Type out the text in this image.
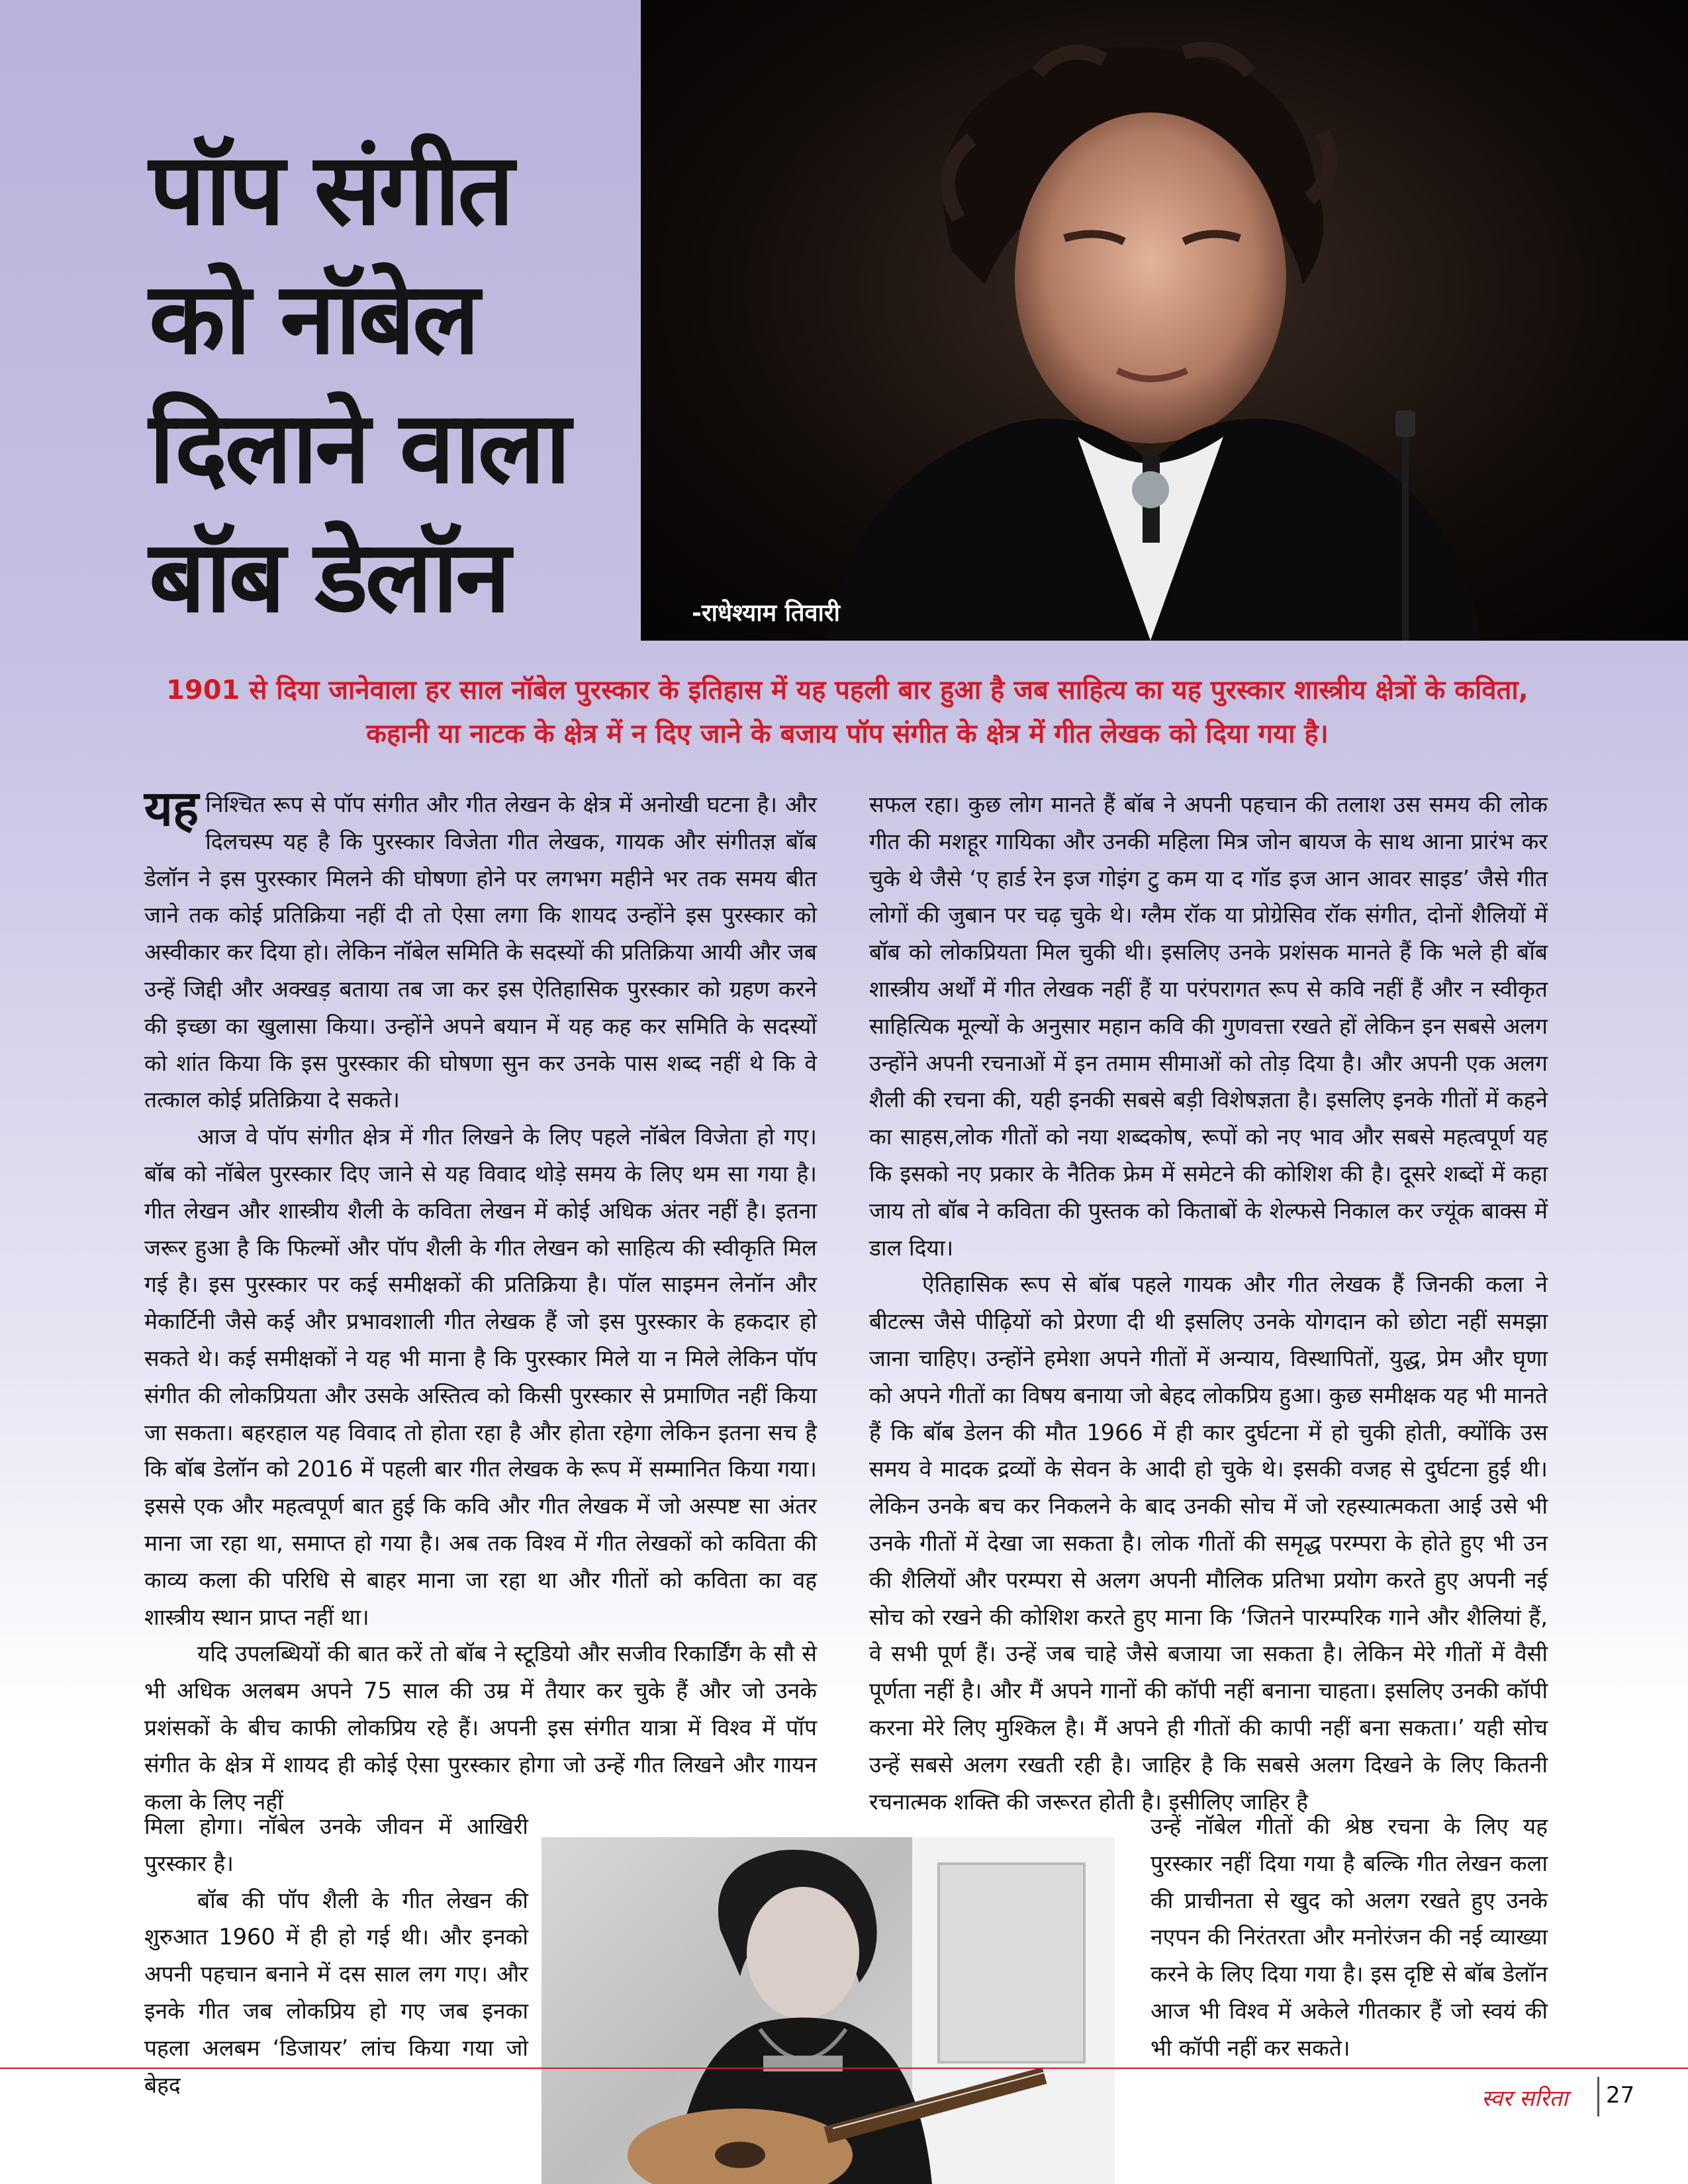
पॉप संगीत
को नॉबेल
दिलाने वाला
बॉब डेलॉन	-राधेश्याम तिवारी

1901 से दिया जानेवाला हर साल नॉबेल पुरस्कार के इतिहास में यह पहली बार हुआ है जब साहित्य का यह पुरस्कार शास्त्रीय क्षेत्रों के कविता, कहानी या नाटक के क्षेत्र में न दिए जाने के बजाय पॉप संगीत के क्षेत्र में गीत लेखक को दिया गया है।

यह निश्चित रूप से पॉप संगीत और गीत लेखन के क्षेत्र में अनोखी घटना है। और दिलचस्प यह है कि पुरस्कार विजेता गीत लेखक, गायक और संगीतज्ञ बॉब डेलॉन ने इस पुरस्कार मिलने की घोषणा होने पर लगभग महीने भर तक समय बीत जाने तक कोई प्रतिक्रिया नहीं दी तो ऐसा लगा कि शायद उन्होंने इस पुरस्कार को अस्वीकार कर दिया हो। लेकिन नॉबेल समिति के सदस्यों की प्रतिक्रिया आयी और जब उन्हें जिद्दी और अक्खड़ बताया तब जा कर इस ऐतिहासिक पुरस्कार को ग्रहण करने की इच्छा का खुलासा किया। उन्होंने अपने बयान में यह कह कर समिति के सदस्यों को शांत किया कि इस पुरस्कार की घोषणा सुन कर उनके पास शब्द नहीं थे कि वे तत्काल कोई प्रतिक्रिया दे सकते।

आज वे पॉप संगीत क्षेत्र में गीत लिखने के लिए पहले नॉबेल विजेता हो गए। बॉब को नॉबेल पुरस्कार दिए जाने से यह विवाद थोड़े समय के लिए थम सा गया है। गीत लेखन और शास्त्रीय शैली के कविता लेखन में कोई अधिक अंतर नहीं है। इतना जरूर हुआ है कि फिल्मों और पॉप शैली के गीत लेखन को साहित्य की स्वीकृति मिल गई है। इस पुरस्कार पर कई समीक्षकों की प्रतिक्रिया है। पॉल साइमन लेनॉन और मेकार्टिनी जैसे कई और प्रभावशाली गीत लेखक हैं जो इस पुरस्कार के हकदार हो सकते थे। कई समीक्षकों ने यह भी माना है कि पुरस्कार मिले या न मिले लेकिन पॉप संगीत की लोकप्रियता और उसके अस्तित्व को किसी पुरस्कार से प्रमाणित नहीं किया जा सकता। बहरहाल यह विवाद तो होता रहा है और होता रहेगा लेकिन इतना सच है कि बॉब डेलॉन को 2016 में पहली बार गीत लेखक के रूप में सम्मानित किया गया। इससे एक और महत्वपूर्ण बात हुई कि कवि और गीत लेखक में जो अस्पष्ट सा अंतर माना जा रहा था, समाप्त हो गया है। अब तक विश्व में गीत लेखकों को कविता की काव्य कला की परिधि से बाहर माना जा रहा था और गीतों को कविता का वह शास्त्रीय स्थान प्राप्त नहीं था।

यदि उपलब्धियों की बात करें तो बॉब ने स्टूडियो और सजीव रिकार्डिंग के सौ से भी अधिक अलबम अपने 75 साल की उम्र में तैयार कर चुके हैं और जो उनके प्रशंसकों के बीच काफी लोकप्रिय रहे हैं। अपनी इस संगीत यात्रा में विश्व में पॉप संगीत के क्षेत्र में शायद ही कोई ऐसा पुरस्कार होगा जो उन्हें गीत लिखने और गायन कला के लिए नहीं

मिला होगा। नॉबेल उनके जीवन में आखिरी पुरस्कार है।

बॉब की पॉप शैली के गीत लेखन की शुरुआत 1960 में ही हो गई थी। और इनको अपनी पहचान बनाने में दस साल लग गए। और इनके गीत जब लोकप्रिय हो गए जब इनका पहला अलबम ‘डिजायर’ लांच किया गया जो बेहद

सफल रहा। कुछ लोग मानते हैं बॉब ने अपनी पहचान की तलाश उस समय की लोक गीत की मशहूर गायिका और उनकी महिला मित्र जोन बायज के साथ आना प्रारंभ कर चुके थे जैसे ‘ए हार्ड रेन इज गोइंग टु कम या द गॉड इज आन आवर साइड’ जैसे गीत लोगों की जुबान पर चढ़ चुके थे। ग्लैम रॉक या प्रोग्रेसिव रॉक संगीत, दोनों शैलियों में बॉब को लोकप्रियता मिल चुकी थी। इसलिए उनके प्रशंसक मानते हैं कि भले ही बॉब शास्त्रीय अर्थों में गीत लेखक नहीं हैं या परंपरागत रूप से कवि नहीं हैं और न स्वीकृत साहित्यिक मूल्यों के अनुसार महान कवि की गुणवत्ता रखते हों लेकिन इन सबसे अलग उन्होंने अपनी रचनाओं में इन तमाम सीमाओं को तोड़ दिया है। और अपनी एक अलग शैली की रचना की, यही इनकी सबसे बड़ी विशेषज्ञता है। इसलिए इनके गीतों में कहने का साहस,लोक गीतों को नया शब्दकोष, रूपों को नए भाव और सबसे महत्वपूर्ण यह कि इसको नए प्रकार के नैतिक फ्रेम में समेटने की कोशिश की है। दूसरे शब्दों में कहा जाय तो बॉब ने कविता की पुस्तक को किताबों के शेल्फसे निकाल कर ज्यूंक बाक्स में डाल दिया।

ऐतिहासिक रूप से बॉब पहले गायक और गीत लेखक हैं जिनकी कला ने बीटल्स जैसे पीढ़ियों को प्रेरणा दी थी इसलिए उनके योगदान को छोटा नहीं समझा जाना चाहिए। उन्होंने हमेशा अपने गीतों में अन्याय, विस्थापितों, युद्ध, प्रेम और घृणा को अपने गीतों का विषय बनाया जो बेहद लोकप्रिय हुआ। कुछ समीक्षक यह भी मानते हैं कि बॉब डेलन की मौत 1966 में ही कार दुर्घटना में हो चुकी होती, क्योंकि उस समय वे मादक द्रव्यों के सेवन के आदी हो चुके थे। इसकी वजह से दुर्घटना हुई थी। लेकिन उनके बच कर निकलने के बाद उनकी सोच में जो रहस्यात्मकता आई उसे भी उनके गीतों में देखा जा सकता है। लोक गीतों की समृद्ध परम्परा के होते हुए भी उन की शैलियों और परम्परा से अलग अपनी मौलिक प्रतिभा प्रयोग करते हुए अपनी नई सोच को रखने की कोशिश करते हुए माना कि ‘जितने पारम्परिक गाने और शैलियां हैं, वे सभी पूर्ण हैं। उन्हें जब चाहे जैसे बजाया जा सकता है। लेकिन मेरे गीतों में वैसी पूर्णता नहीं है। और मैं अपने गानों की कॉपी नहीं बनाना चाहता। इसलिए उनकी कॉपी करना मेरे लिए मुश्किल है। मैं अपने ही गीतों की कापी नहीं बना सकता।’ यही सोच उन्हें सबसे अलग रखती रही है। जाहिर है कि सबसे अलग दिखने के लिए कितनी रचनात्मक शक्ति की जरूरत होती है। इसीलिए जाहिर है

उन्हें नॉबेल गीतों की श्रेष्ठ रचना के लिए यह पुरस्कार नहीं दिया गया है बल्कि गीत लेखन कला की प्राचीनता से खुद को अलग रखते हुए उनके नएपन की निरंतरता और मनोरंजन की नई व्याख्या करने के लिए दिया गया है। इस दृष्टि से बॉब डेलॉन आज भी विश्व में अकेले गीतकार हैं जो स्वयं की भी कॉपी नहीं कर सकते।

स्वर सरिता 27
